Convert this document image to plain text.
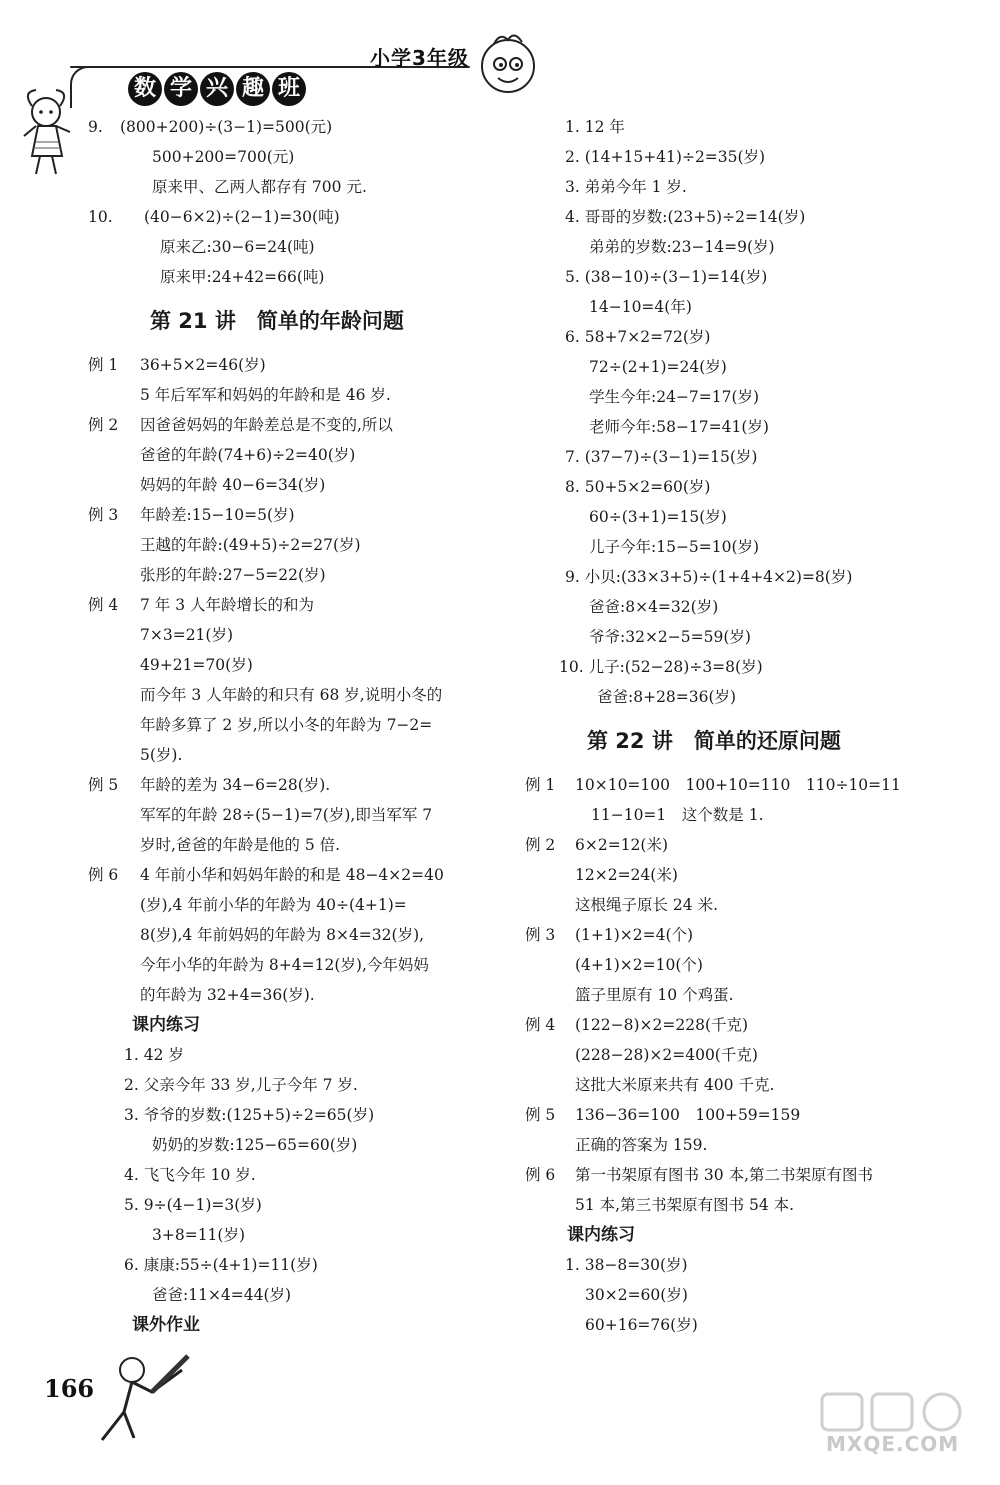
小学3年级
数 学 兴 趣 班
9. (800+200)÷(3−1)=500(元)
500+200=700(元)
原来甲、乙两人都存有 700 元.
10. (40−6×2)÷(2−1)=30(吨)
原来乙:30−6=24(吨)
原来甲:24+42=66(吨)
第 21 讲　简单的年龄问题
例 1 36+5×2=46(岁)
5 年后军军和妈妈的年龄和是 46 岁.
例 2 因爸爸妈妈的年龄差总是不变的,所以
爸爸的年龄(74+6)÷2=40(岁)
妈妈的年龄 40−6=34(岁)
例 3 年龄差:15−10=5(岁)
王越的年龄:(49+5)÷2=27(岁)
张彤的年龄:27−5=22(岁)
例 4 7 年 3 人年龄增长的和为
7×3=21(岁)
49+21=70(岁)
而今年 3 人年龄的和只有 68 岁,说明小冬的
年龄多算了 2 岁,所以小冬的年龄为 7−2=
5(岁).
例 5 年龄的差为 34−6=28(岁).
军军的年龄 28÷(5−1)=7(岁),即当军军 7
岁时,爸爸的年龄是他的 5 倍.
例 6 4 年前小华和妈妈年龄的和是 48−4×2=40
(岁),4 年前小华的年龄为 40÷(4+1)=
8(岁),4 年前妈妈的年龄为 8×4=32(岁),
今年小华的年龄为 8+4=12(岁),今年妈妈
的年龄为 32+4=36(岁).
课内练习
1. 42 岁
2. 父亲今年 33 岁,儿子今年 7 岁.
3. 爷爷的岁数:(125+5)÷2=65(岁)
奶奶的岁数:125−65=60(岁)
4. 飞飞今年 10 岁.
5. 9÷(4−1)=3(岁)
3+8=11(岁)
6. 康康:55÷(4+1)=11(岁)
爸爸:11×4=44(岁)
课外作业
1. 12 年
2. (14+15+41)÷2=35(岁)
3. 弟弟今年 1 岁.
4. 哥哥的岁数:(23+5)÷2=14(岁)
弟弟的岁数:23−14=9(岁)
5. (38−10)÷(3−1)=14(岁)
14−10=4(年)
6. 58+7×2=72(岁)
72÷(2+1)=24(岁)
学生今年:24−7=17(岁)
老师今年:58−17=41(岁)
7. (37−7)÷(3−1)=15(岁)
8. 50+5×2=60(岁)
60÷(3+1)=15(岁)
儿子今年:15−5=10(岁)
9. 小贝:(33×3+5)÷(1+4+4×2)=8(岁)
爸爸:8×4=32(岁)
爷爷:32×2−5=59(岁)
10. 儿子:(52−28)÷3=8(岁)
爸爸:8+28=36(岁)
第 22 讲　简单的还原问题
例 1 10×10=100　100+10=110　110÷10=11
11−10=1　这个数是 1.
例 2 6×2=12(米)
12×2=24(米)
这根绳子原长 24 米.
例 3 (1+1)×2=4(个)
(4+1)×2=10(个)
篮子里原有 10 个鸡蛋.
例 4 (122−8)×2=228(千克)
(228−28)×2=400(千克)
这批大米原来共有 400 千克.
例 5 136−36=100　100+59=159
正确的答案为 159.
例 6 第一书架原有图书 30 本,第二书架原有图书
51 本,第三书架原有图书 54 本.
课内练习
1. 38−8=30(岁)
30×2=60(岁)
60+16=76(岁)
166
MXQE.COM
